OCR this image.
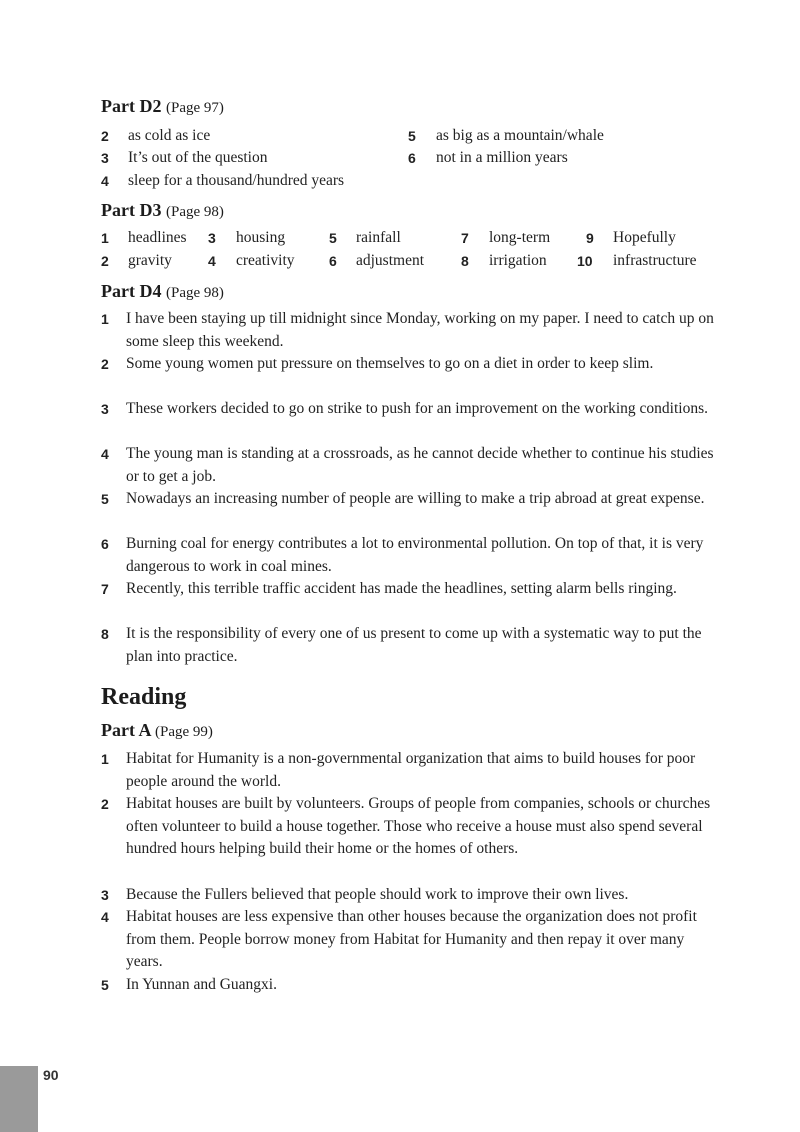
Part D2 (Page 97)
2 as cold as ice	5 as big as a mountain/whale
3 It’s out of the question	6 not in a million years
4 sleep for a thousand/hundred years
Part D3 (Page 98)
1 headlines 3 housing	5 rainfall	7 long-term	9 Hopefully
2 gravity	4 creativity 6 adjustment	8 irrigation 10 infrastructure
Part D4 (Page 98)
1 I have been staying up till midnight since Monday, working on my paper. I need to catch up on some sleep this weekend.
2 Some young women put pressure on themselves to go on a diet in order to keep slim.
3 These workers decided to go on strike to push for an improvement on the working conditions.
4 The young man is standing at a crossroads, as he cannot decide whether to continue his studies or to get a job.
5 Nowadays an increasing number of people are willing to make a trip abroad at great expense.
6 Burning coal for energy contributes a lot to environmental pollution. On top of that, it is very dangerous to work in coal mines.
7 Recently, this terrible traffic accident has made the headlines, setting alarm bells ringing.
8 It is the responsibility of every one of us present to come up with a systematic way to put the plan into practice.
Reading
Part A (Page 99)
1 Habitat for Humanity is a non-governmental organization that aims to build houses for poor people around the world.
2 Habitat houses are built by volunteers. Groups of people from companies, schools or churches often volunteer to build a house together. Those who receive a house must also spend several hundred hours helping build their home or the homes of others.
3 Because the Fullers believed that people should work to improve their own lives.
4 Habitat houses are less expensive than other houses because the organization does not profit from them. People borrow money from Habitat for Humanity and then repay it over many years.
5 In Yunnan and Guangxi.
90
